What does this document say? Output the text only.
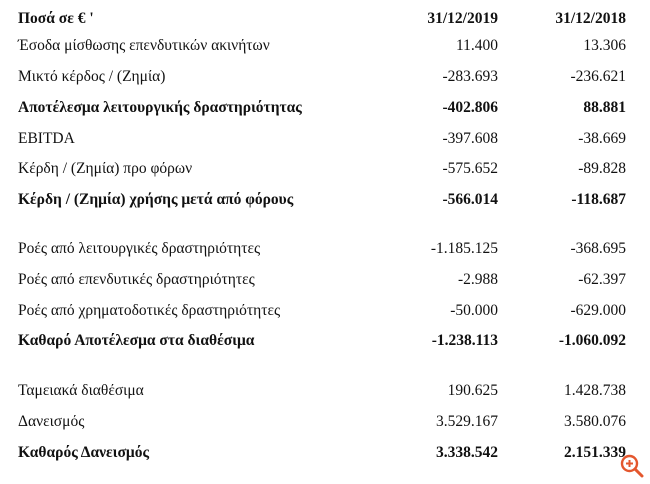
Ποσά σε € '	31/12/2019	31/12/2018
Έσοδα μίσθωσης επενδυτικών ακινήτων	11.400	13.306
Μικτό κέρδος / (Ζημία)	-283.693	-236.621
Αποτέλεσμα λειτουργικής δραστηριότητας	-402.806	88.881
EBITDA	-397.608	-38.669
Κέρδη / (Ζημία) προ φόρων	-575.652	-89.828
Κέρδη / (Ζημία) χρήσης μετά από φόρους	-566.014	-118.687
Ροές από λειτουργικές δραστηριότητες	-1.185.125	-368.695
Ροές από επενδυτικές δραστηριότητες	-2.988	-62.397
Ροές από χρηματοδοτικές δραστηριότητες	-50.000	-629.000
Καθαρό Αποτέλεσμα στα διαθέσιμα	-1.238.113	-1.060.092
Ταμειακά διαθέσιμα	190.625	1.428.738
Δανεισμός	3.529.167	3.580.076
Καθαρός Δανεισμός	3.338.542	2.151.339
